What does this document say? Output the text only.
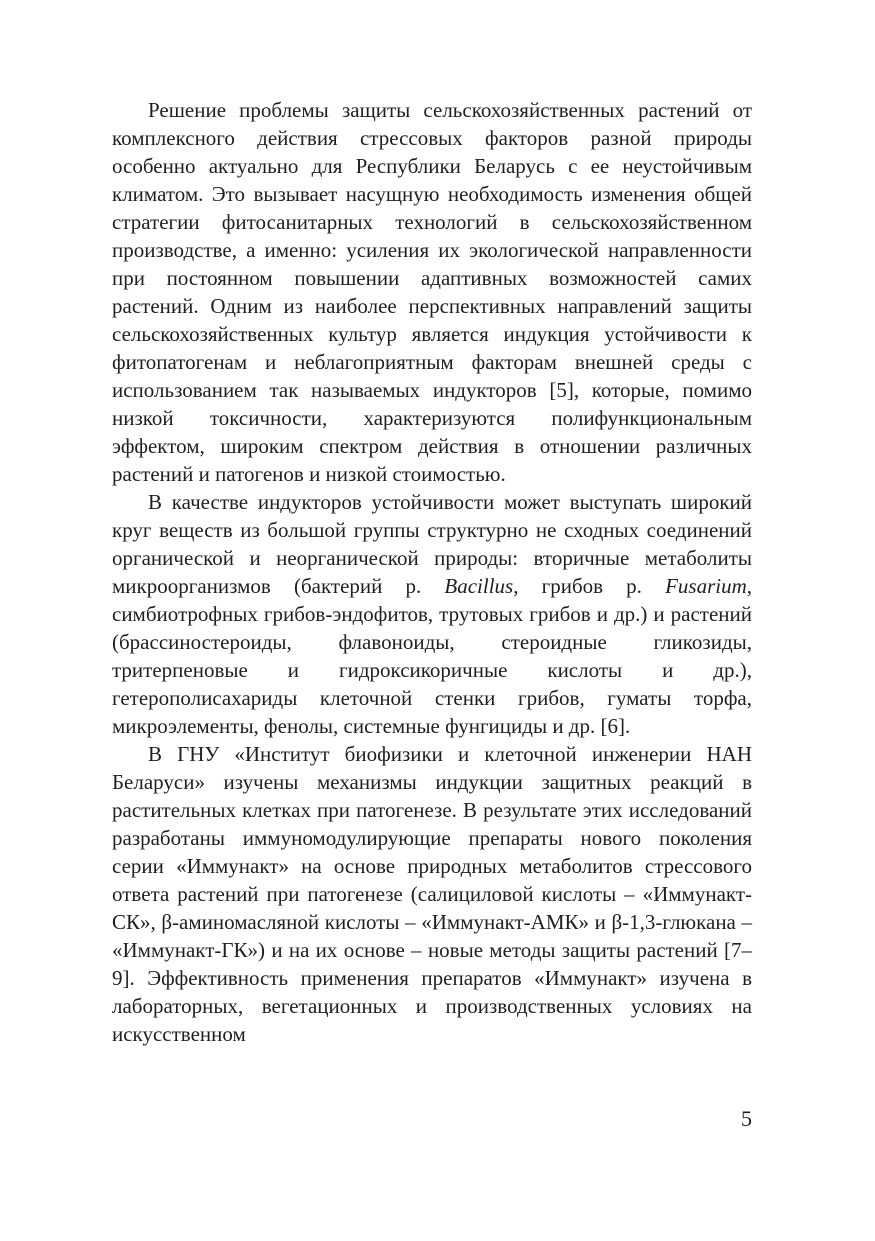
Решение проблемы защиты сельскохозяйственных растений от комплексного действия стрессовых факторов разной природы особенно актуально для Республики Беларусь с ее неустойчивым климатом. Это вызывает насущную необходимость изменения общей стратегии фитосанитарных технологий в сельскохозяйственном производстве, а именно: усиления их экологической направленности при постоянном повышении адаптивных возможностей самих растений. Одним из наиболее перспективных направлений защиты сельскохозяйственных культур является индукция устойчивости к фитопатогенам и неблагоприятным факторам внешней среды с использованием так называемых индукторов [5], которые, помимо низкой токсичности, характеризуются полифункциональным эффектом, широким спектром действия в отношении различных растений и патогенов и низкой стоимостью.

В качестве индукторов устойчивости может выступать широкий круг веществ из большой группы структурно не сходных соединений органической и неорганической природы: вторичные метаболиты микроорганизмов (бактерий р. Bacillus, грибов р. Fusarium, симбиотрофных грибов-эндофитов, трутовых грибов и др.) и растений (брассиностероиды, флавоноиды, стероидные гликозиды, тритерпеновые и гидроксикоричные кислоты и др.), гетерополисахариды клеточной стенки грибов, гуматы торфа, микроэлементы, фенолы, системные фунгициды и др. [6].

В ГНУ «Институт биофизики и клеточной инженерии НАН Беларуси» изучены механизмы индукции защитных реакций в растительных клетках при патогенезе. В результате этих исследований разработаны иммуномодулирующие препараты нового поколения серии «Иммунакт» на основе природных метаболитов стрессового ответа растений при патогенезе (салициловой кислоты – «Иммунакт-СК», β-аминомасляной кислоты – «Иммунакт-АМК» и β-1,3-глюкана – «Иммунакт-ГК») и на их основе – новые методы защиты растений [7–9]. Эффективность применения препаратов «Иммунакт» изучена в лабораторных, вегетационных и производственных условиях на искусственном

5
